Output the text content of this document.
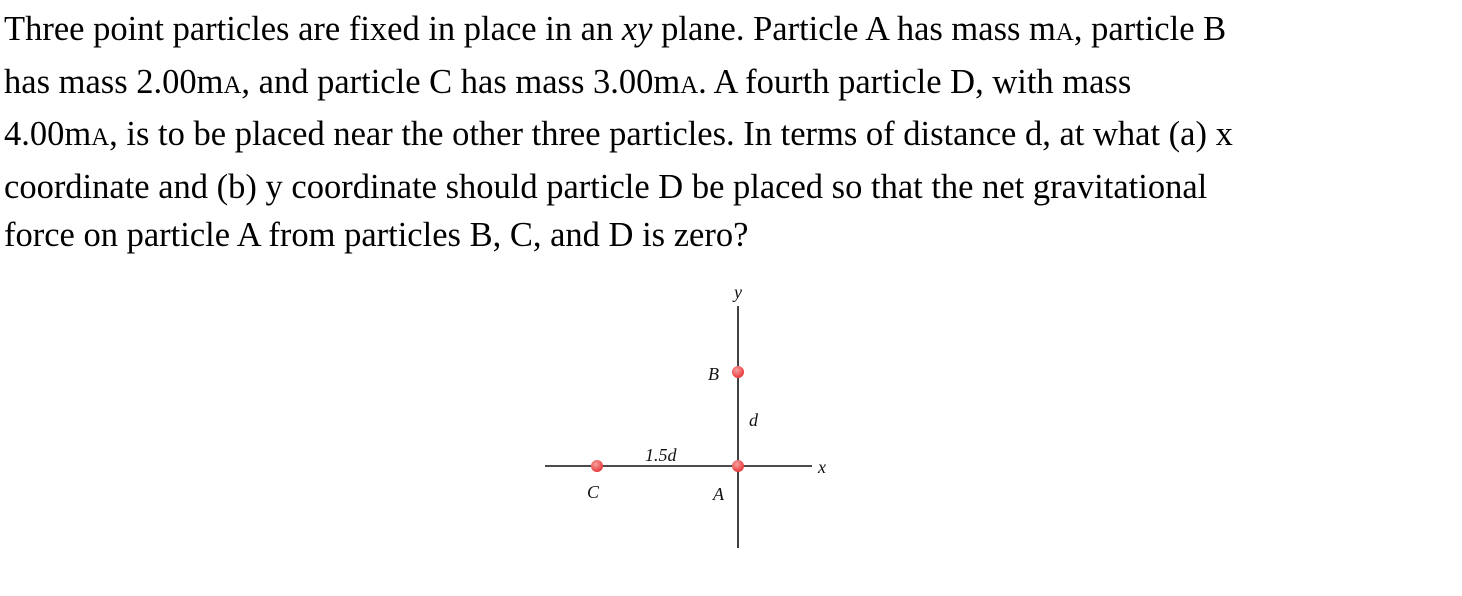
Three point particles are fixed in place in an xy plane. Particle A has mass mA, particle B
has mass 2.00mA, and particle C has mass 3.00mA. A fourth particle D, with mass
4.00mA, is to be placed near the other three particles. In terms of distance d, at what (a) x
coordinate and (b) y coordinate should particle D be placed so that the net gravitational
force on particle A from particles B, C, and D is zero?

y
x
d
1.5d
B
A
C
